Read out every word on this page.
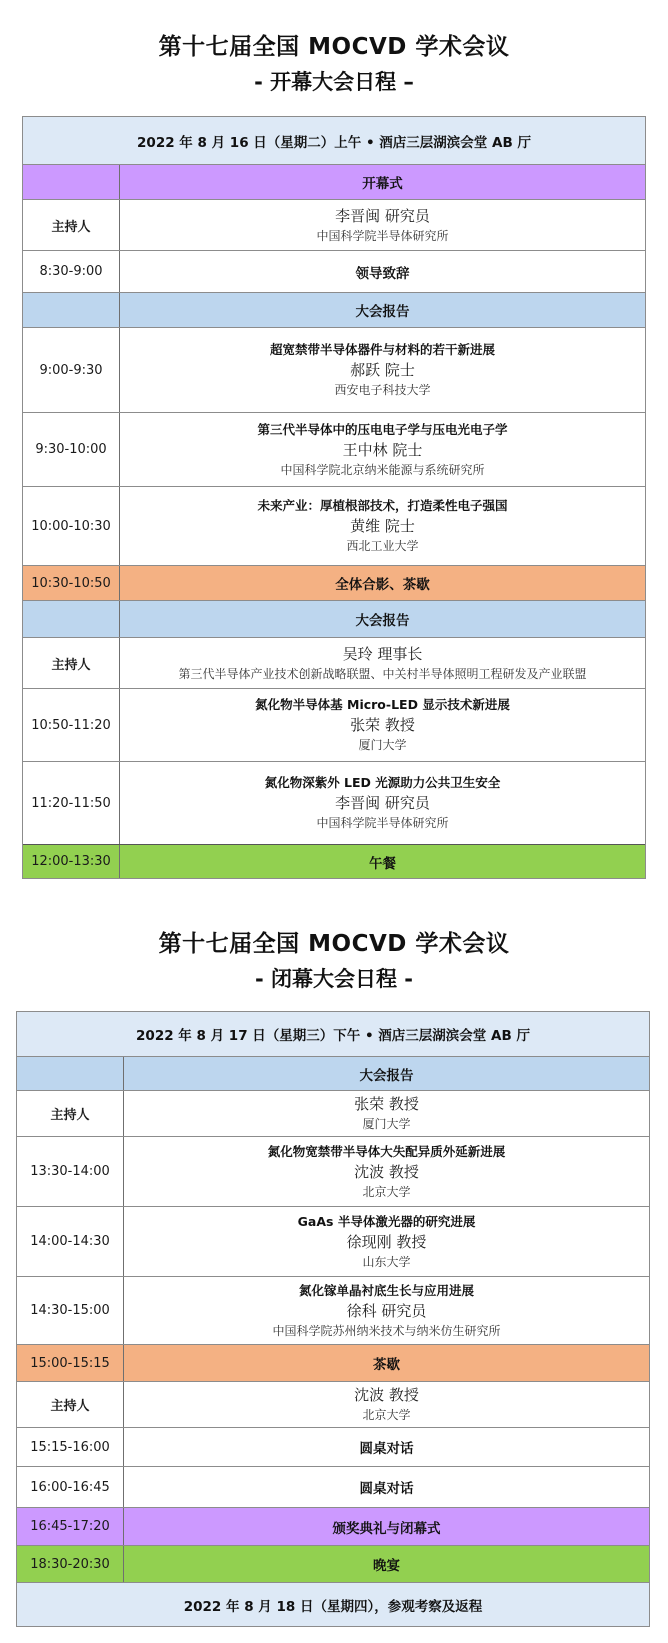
第十七届全国 MOCVD 学术会议
- 开幕大会日程 –
2022 年 8 月 16 日（星期二）上午 • 酒店三层湖滨会堂 AB 厅
开幕式
主持人
李晋闽 研究员
中国科学院半导体研究所
8:30-9:00	领导致辞
大会报告
9:00-9:30
超宽禁带半导体器件与材料的若干新进展
郝跃 院士
西安电子科技大学
9:30-10:00
第三代半导体中的压电电子学与压电光电子学
王中林 院士
中国科学院北京纳米能源与系统研究所
10:00-10:30
未来产业：厚植根部技术，打造柔性电子强国
黄维 院士
西北工业大学
10:30-10:50	全体合影、茶歇
大会报告
主持人
吴玲 理事长
第三代半导体产业技术创新战略联盟、中关村半导体照明工程研发及产业联盟
10:50-11:20
氮化物半导体基 Micro-LED 显示技术新进展
张荣 教授
厦门大学
11:20-11:50
氮化物深紫外 LED 光源助力公共卫生安全
李晋闽 研究员
中国科学院半导体研究所
12:00-13:30	午餐
第十七届全国 MOCVD 学术会议
- 闭幕大会日程 -
2022 年 8 月 17 日（星期三）下午 • 酒店三层湖滨会堂 AB 厅
大会报告
主持人
张荣 教授
厦门大学
13:30-14:00
氮化物宽禁带半导体大失配异质外延新进展
沈波 教授
北京大学
14:00-14:30
GaAs 半导体激光器的研究进展
徐现刚 教授
山东大学
14:30-15:00
氮化镓单晶衬底生长与应用进展
徐科 研究员
中国科学院苏州纳米技术与纳米仿生研究所
15:00-15:15	茶歇
主持人
沈波 教授
北京大学
15:15-16:00	圆桌对话
16:00-16:45	圆桌对话
16:45-17:20	颁奖典礼与闭幕式
18:30-20:30	晚宴
2022 年 8 月 18 日（星期四），参观考察及返程
